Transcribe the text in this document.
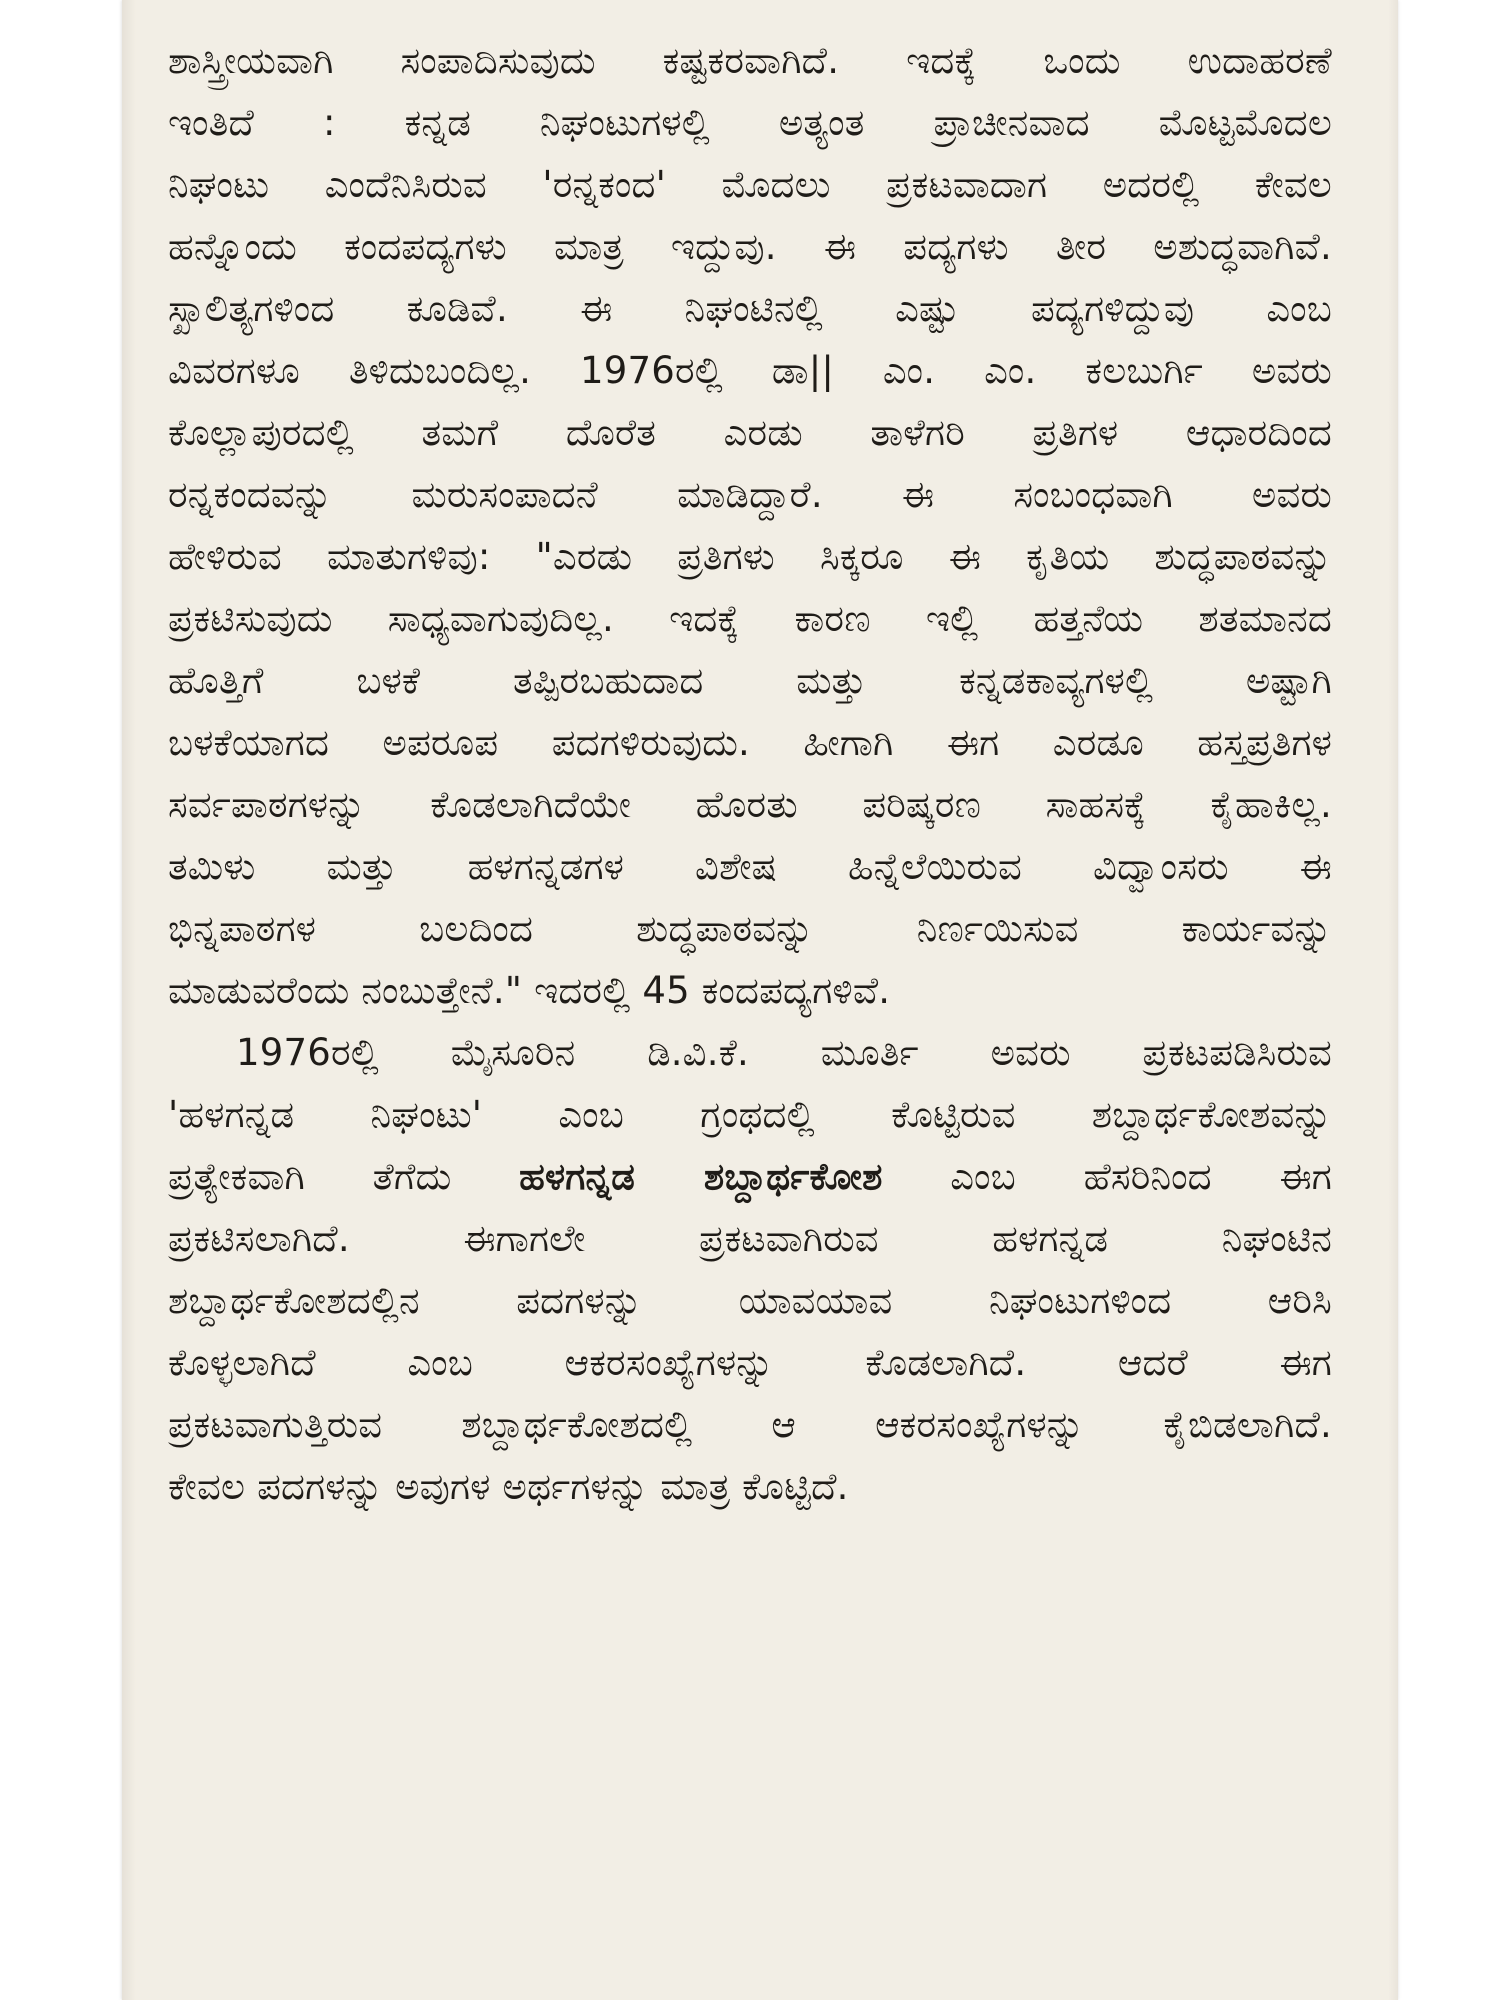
ಶಾಸ್ತ್ರೀಯವಾಗಿ ಸಂಪಾದಿಸುವುದು ಕಷ್ಟಕರವಾಗಿದೆ. ಇದಕ್ಕೆ ಒಂದು ಉದಾಹರಣೆ
ಇಂತಿದೆ : ಕನ್ನಡ ನಿಘಂಟುಗಳಲ್ಲಿ ಅತ್ಯಂತ ಪ್ರಾಚೀನವಾದ ಮೊಟ್ಟಮೊದಲ
ನಿಘಂಟು ಎಂದೆನಿಸಿರುವ 'ರನ್ನಕಂದ' ಮೊದಲು ಪ್ರಕಟವಾದಾಗ ಅದರಲ್ಲಿ ಕೇವಲ
ಹನ್ನೊಂದು ಕಂದಪದ್ಯಗಳು ಮಾತ್ರ ಇದ್ದುವು. ಈ ಪದ್ಯಗಳು ತೀರ ಅಶುದ್ಧವಾಗಿವೆ.
ಸ್ಖಾಲಿತ್ಯಗಳಿಂದ ಕೂಡಿವೆ. ಈ ನಿಘಂಟಿನಲ್ಲಿ ಎಷ್ಟು ಪದ್ಯಗಳಿದ್ದುವು ಎಂಬ
ವಿವರಗಳೂ ತಿಳಿದುಬಂದಿಲ್ಲ. 1976ರಲ್ಲಿ ಡಾ|| ಎಂ. ಎಂ. ಕಲಬುರ್ಗಿ ಅವರು
ಕೊಲ್ಲಾಪುರದಲ್ಲಿ ತಮಗೆ ದೊರೆತ ಎರಡು ತಾಳೆಗರಿ ಪ್ರತಿಗಳ ಆಧಾರದಿಂದ
ರನ್ನಕಂದವನ್ನು ಮರುಸಂಪಾದನೆ ಮಾಡಿದ್ದಾರೆ. ಈ ಸಂಬಂಧವಾಗಿ ಅವರು
ಹೇಳಿರುವ ಮಾತುಗಳಿವು: "ಎರಡು ಪ್ರತಿಗಳು ಸಿಕ್ಕರೂ ಈ ಕೃತಿಯ ಶುದ್ಧಪಾಠವನ್ನು
ಪ್ರಕಟಿಸುವುದು ಸಾಧ್ಯವಾಗುವುದಿಲ್ಲ. ಇದಕ್ಕೆ ಕಾರಣ ಇಲ್ಲಿ ಹತ್ತನೆಯ ಶತಮಾನದ
ಹೊತ್ತಿಗೆ ಬಳಕೆ ತಪ್ಪಿರಬಹುದಾದ ಮತ್ತು ಕನ್ನಡಕಾವ್ಯಗಳಲ್ಲಿ ಅಷ್ಟಾಗಿ
ಬಳಕೆಯಾಗದ ಅಪರೂಪ ಪದಗಳಿರುವುದು. ಹೀಗಾಗಿ ಈಗ ಎರಡೂ ಹಸ್ತಪ್ರತಿಗಳ
ಸರ್ವಪಾಠಗಳನ್ನು ಕೊಡಲಾಗಿದೆಯೇ ಹೊರತು ಪರಿಷ್ಕರಣ ಸಾಹಸಕ್ಕೆ ಕೈಹಾಕಿಲ್ಲ.
ತಮಿಳು ಮತ್ತು ಹಳಗನ್ನಡಗಳ ವಿಶೇಷ ಹಿನ್ನೆಲೆಯಿರುವ ವಿದ್ವಾಂಸರು ಈ
ಭಿನ್ನಪಾಠಗಳ ಬಲದಿಂದ ಶುದ್ಧಪಾಠವನ್ನು ನಿರ್ಣಯಿಸುವ ಕಾರ್ಯವನ್ನು
ಮಾಡುವರೆಂದು ನಂಬುತ್ತೇನೆ." ಇದರಲ್ಲಿ 45 ಕಂದಪದ್ಯಗಳಿವೆ.
1976ರಲ್ಲಿ ಮೈಸೂರಿನ ಡಿ.ವಿ.ಕೆ. ಮೂರ್ತಿ ಅವರು ಪ್ರಕಟಪಡಿಸಿರುವ
'ಹಳಗನ್ನಡ ನಿಘಂಟು' ಎಂಬ ಗ್ರಂಥದಲ್ಲಿ ಕೊಟ್ಟಿರುವ ಶಬ್ದಾರ್ಥಕೋಶವನ್ನು
ಪ್ರತ್ಯೇಕವಾಗಿ ತೆಗೆದು ಹಳಗನ್ನಡ ಶಬ್ದಾರ್ಥಕೋಶ ಎಂಬ ಹೆಸರಿನಿಂದ ಈಗ
ಪ್ರಕಟಿಸಲಾಗಿದೆ. ಈಗಾಗಲೇ ಪ್ರಕಟವಾಗಿರುವ ಹಳಗನ್ನಡ ನಿಘಂಟಿನ
ಶಬ್ದಾರ್ಥಕೋಶದಲ್ಲಿನ ಪದಗಳನ್ನು ಯಾವಯಾವ ನಿಘಂಟುಗಳಿಂದ ಆರಿಸಿ
ಕೊಳ್ಳಲಾಗಿದೆ ಎಂಬ ಆಕರಸಂಖ್ಯೆಗಳನ್ನು ಕೊಡಲಾಗಿದೆ. ಆದರೆ ಈಗ
ಪ್ರಕಟವಾಗುತ್ತಿರುವ ಶಬ್ದಾರ್ಥಕೋಶದಲ್ಲಿ ಆ ಆಕರಸಂಖ್ಯೆಗಳನ್ನು ಕೈಬಿಡಲಾಗಿದೆ.
ಕೇವಲ ಪದಗಳನ್ನು ಅವುಗಳ ಅರ್ಥಗಳನ್ನು ಮಾತ್ರ ಕೊಟ್ಟಿದೆ.
